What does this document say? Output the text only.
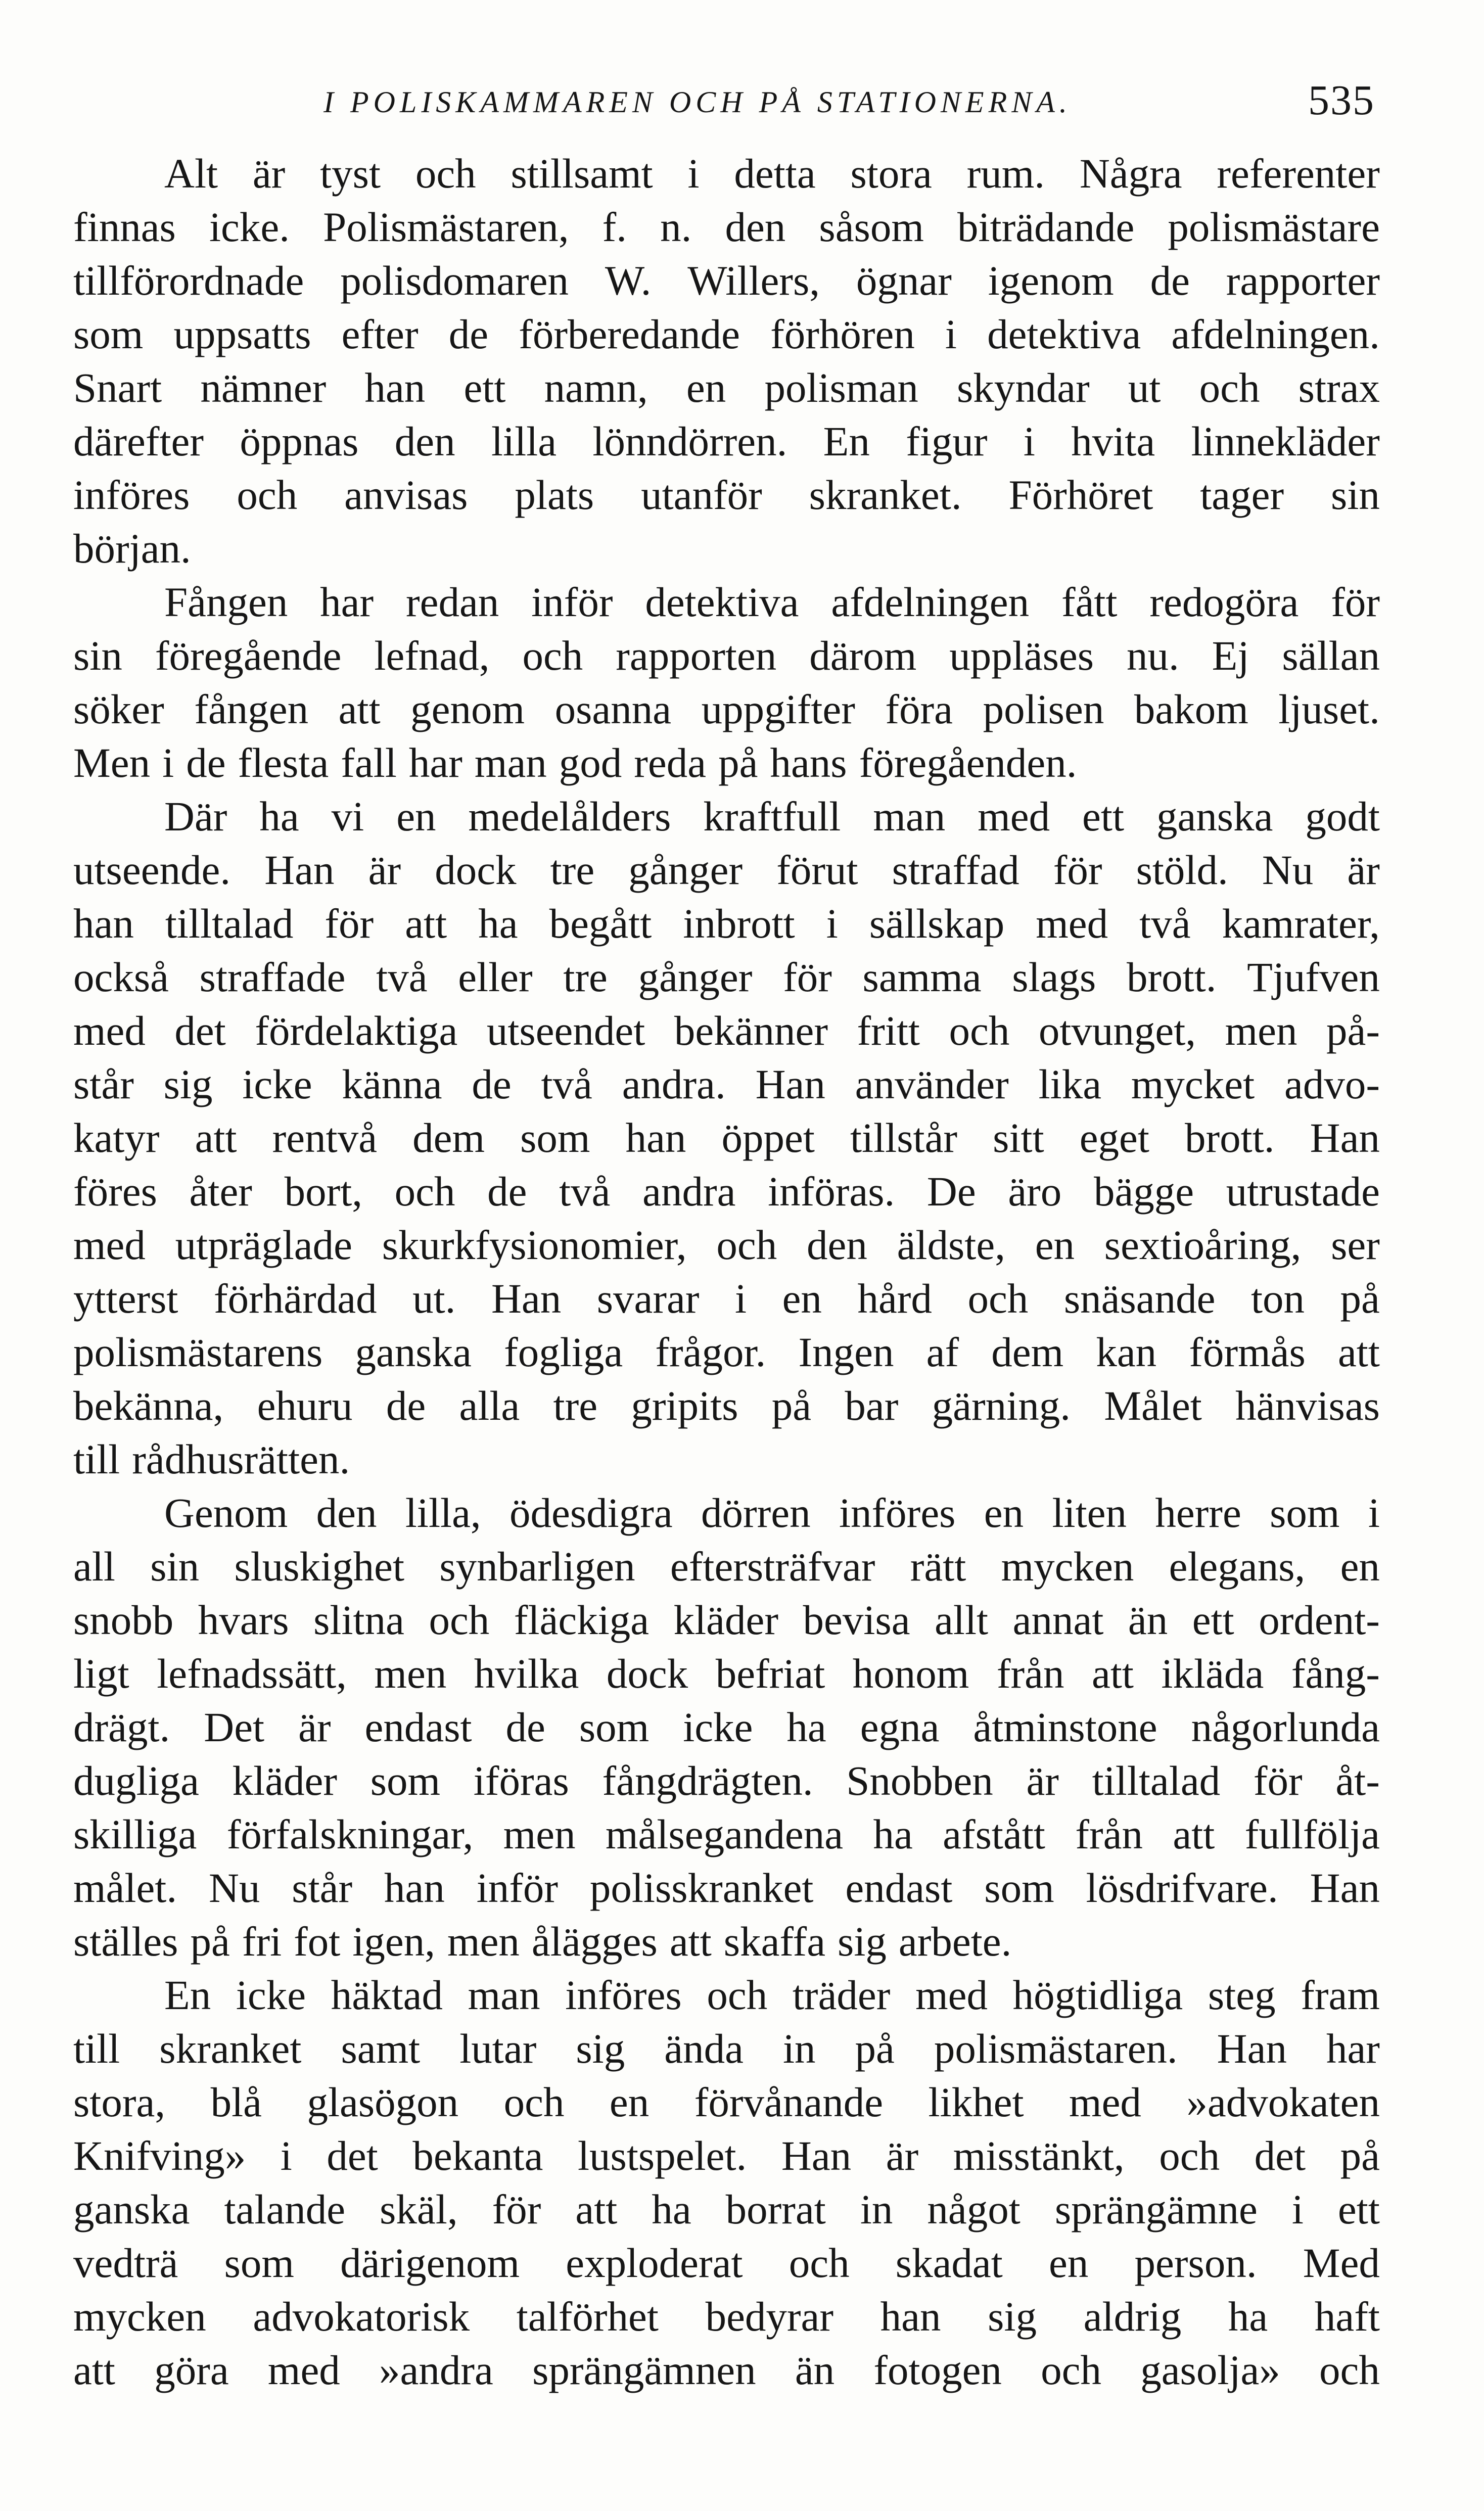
I POLISKAMMAREN OCH PÅ STATIONERNA.	535
Alt är tyst och stillsamt i detta stora rum. Några referenter
finnas icke. Polismästaren, f. n. den såsom biträdande polismästare
tillförordnade polisdomaren W. Willers, ögnar igenom de rapporter
som uppsatts efter de förberedande förhören i detektiva afdelningen.
Snart nämner han ett namn, en polisman skyndar ut och strax
därefter öppnas den lilla lönndörren. En figur i hvita linnekläder
införes och anvisas plats utanför skranket. Förhöret tager sin
början.
Fången har redan inför detektiva afdelningen fått redogöra för
sin föregående lefnad, och rapporten därom uppläses nu. Ej sällan
söker fången att genom osanna uppgifter föra polisen bakom ljuset.
Men i de flesta fall har man god reda på hans föregåenden.
Där ha vi en medelålders kraftfull man med ett ganska godt
utseende. Han är dock tre gånger förut straffad för stöld. Nu är
han tilltalad för att ha begått inbrott i sällskap med två kamrater,
också straffade två eller tre gånger för samma slags brott. Tjufven
med det fördelaktiga utseendet bekänner fritt och otvunget, men på-
står sig icke känna de två andra. Han använder lika mycket advo-
katyr att rentvå dem som han öppet tillstår sitt eget brott. Han
föres åter bort, och de två andra införas. De äro bägge utrustade
med utpräglade skurkfysionomier, och den äldste, en sextioåring, ser
ytterst förhärdad ut. Han svarar i en hård och snäsande ton på
polismästarens ganska fogliga frågor. Ingen af dem kan förmås att
bekänna, ehuru de alla tre gripits på bar gärning. Målet hänvisas
till rådhusrätten.
Genom den lilla, ödesdigra dörren införes en liten herre som i
all sin sluskighet synbarligen eftersträfvar rätt mycken elegans, en
snobb hvars slitna och fläckiga kläder bevisa allt annat än ett ordent-
ligt lefnadssätt, men hvilka dock befriat honom från att ikläda fång-
drägt. Det är endast de som icke ha egna åtminstone någorlunda
dugliga kläder som iföras fångdrägten. Snobben är tilltalad för åt-
skilliga förfalskningar, men målsegandena ha afstått från att fullfölja
målet. Nu står han inför polisskranket endast som lösdrifvare. Han
ställes på fri fot igen, men ålägges att skaffa sig arbete.
En icke häktad man införes och träder med högtidliga steg fram
till skranket samt lutar sig ända in på polismästaren. Han har
stora, blå glasögon och en förvånande likhet med »advokaten
Knifving» i det bekanta lustspelet. Han är misstänkt, och det på
ganska talande skäl, för att ha borrat in något sprängämne i ett
vedträ som därigenom exploderat och skadat en person. Med
mycken advokatorisk talförhet bedyrar han sig aldrig ha haft
att göra med »andra sprängämnen än fotogen och gasolja» och
